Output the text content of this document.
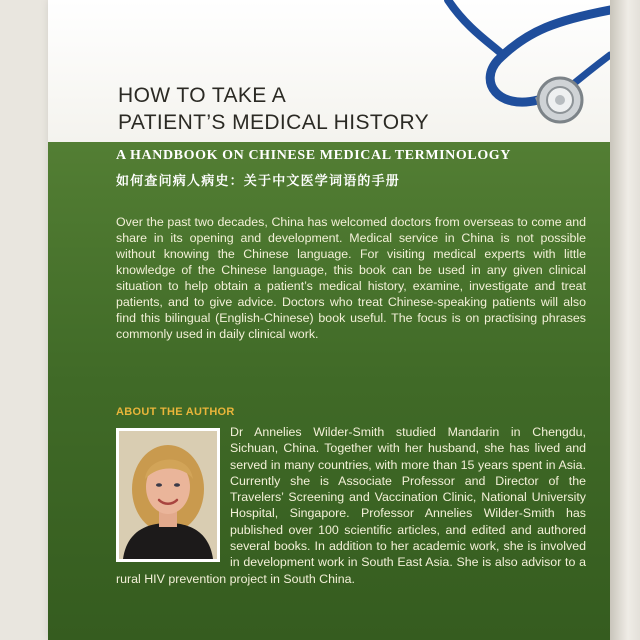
HOW TO TAKE A
PATIENT’S MEDICAL HISTORY

A HANDBOOK ON CHINESE MEDICAL TERMINOLOGY

如何查问病人病史：关于中文医学词语的手册

Over the past two decades, China has welcomed doctors from overseas to come and share in its opening and development. Medical service in China is not possible without knowing the Chinese language. For visiting medical experts with little knowledge of the Chinese language, this book can be used in any given clinical situation to help obtain a patient’s medical history, examine, investigate and treat patients, and to give advice. Doctors who treat Chinese-speaking patients will also find this bilingual (English-Chinese) book useful. The focus is on practising phrases commonly used in daily clinical work.

ABOUT THE AUTHOR

Dr Annelies Wilder-Smith studied Mandarin in Chengdu, Sichuan, China. Together with her husband, she has lived and served in many countries, with more than 15 years spent in Asia. Currently she is Associate Professor and Director of the Travelers’ Screening and Vaccination Clinic, National University Hospital, Singapore. Professor Annelies Wilder-Smith has published over 100 scientific articles, and edited and authored several books. In addition to her academic work, she is involved in development work in South East Asia. She is also advisor to a rural HIV prevention project in South China.
